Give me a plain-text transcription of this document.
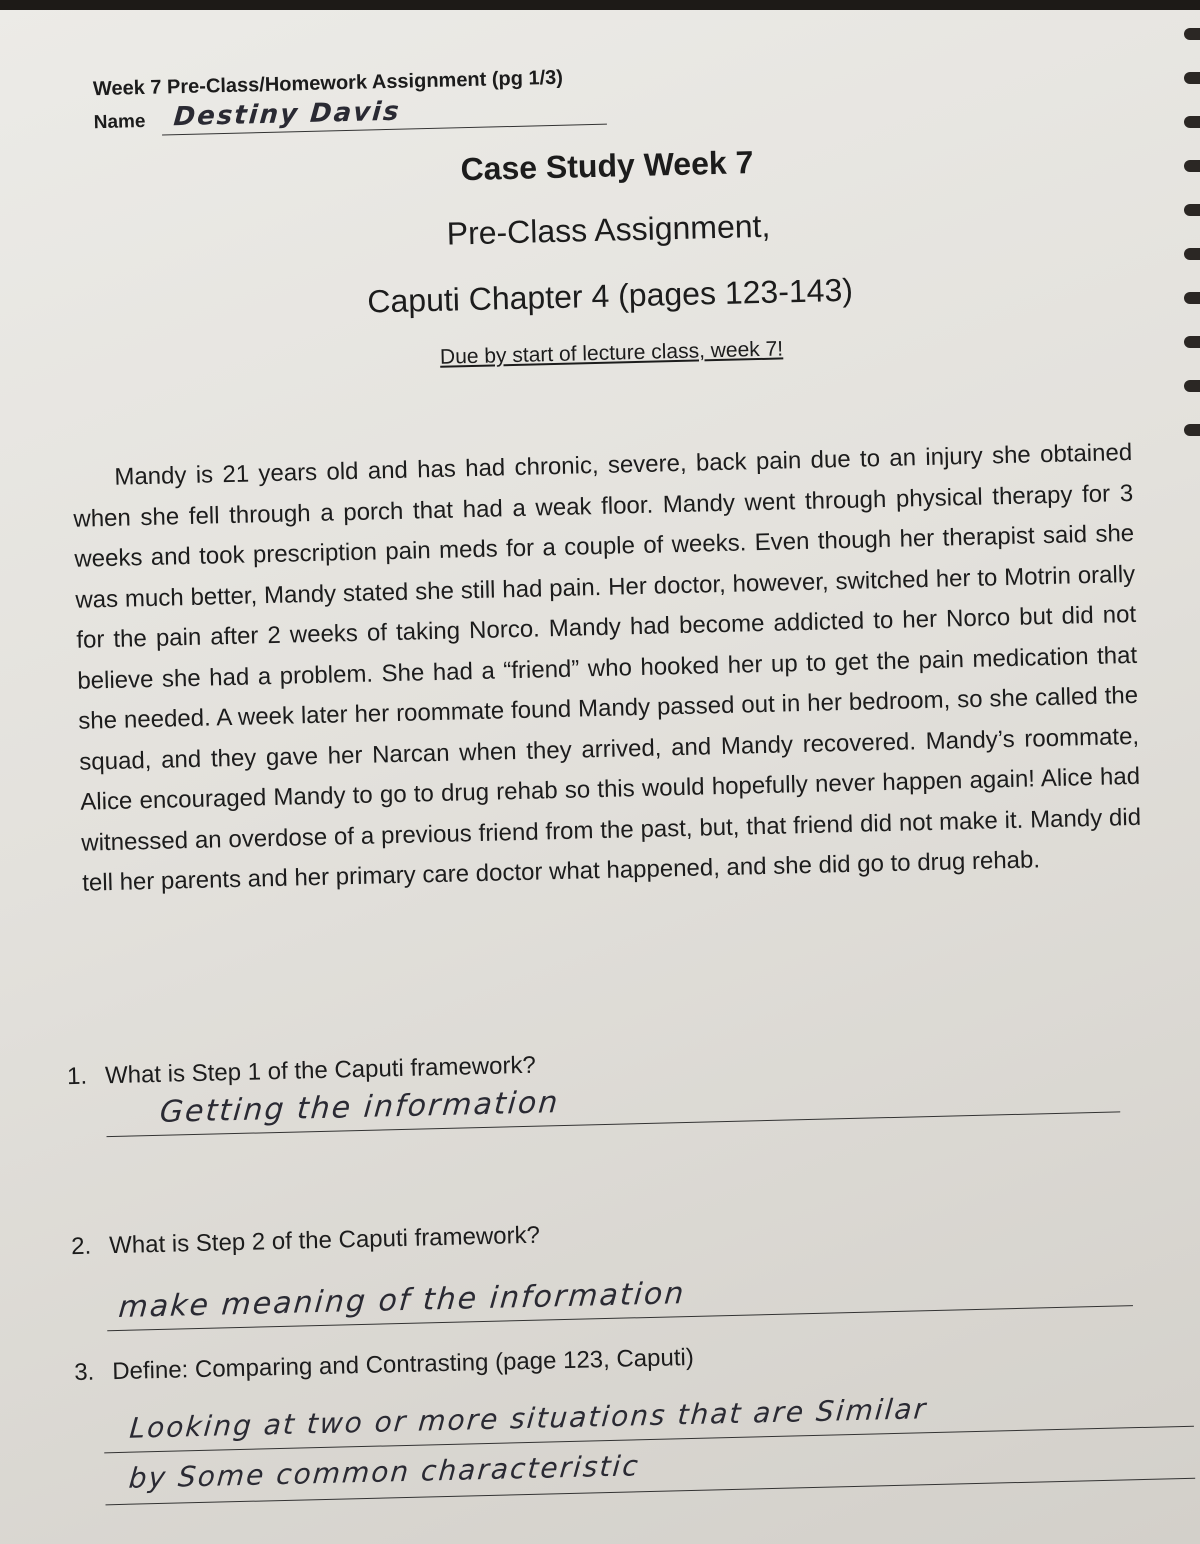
Week 7 Pre-Class/Homework Assignment (pg 1/3)
Name Destiny Davis
Case Study Week 7
Pre-Class Assignment,
Caputi Chapter 4 (pages 123-143)
Due by start of lecture class, week 7!

Mandy is 21 years old and has had chronic, severe, back pain due to an injury she obtained when she fell through a porch that had a weak floor. Mandy went through physical therapy for 3 weeks and took prescription pain meds for a couple of weeks. Even though her therapist said she was much better, Mandy stated she still had pain. Her doctor, however, switched her to Motrin orally for the pain after 2 weeks of taking Norco. Mandy had become addicted to her Norco but did not believe she had a problem. She had a “friend” who hooked her up to get the pain medication that she needed. A week later her roommate found Mandy passed out in her bedroom, so she called the squad, and they gave her Narcan when they arrived, and Mandy recovered. Mandy’s roommate, Alice encouraged Mandy to go to drug rehab so this would hopefully never happen again! Alice had witnessed an overdose of a previous friend from the past, but, that friend did not make it. Mandy did tell her parents and her primary care doctor what happened, and she did go to drug rehab.

1. What is Step 1 of the Caputi framework?
Getting the information
2. What is Step 2 of the Caputi framework?
make meaning of the information
3. Define: Comparing and Contrasting (page 123, Caputi)
Looking at two or more situations that are Similar
by Some common characteristic
